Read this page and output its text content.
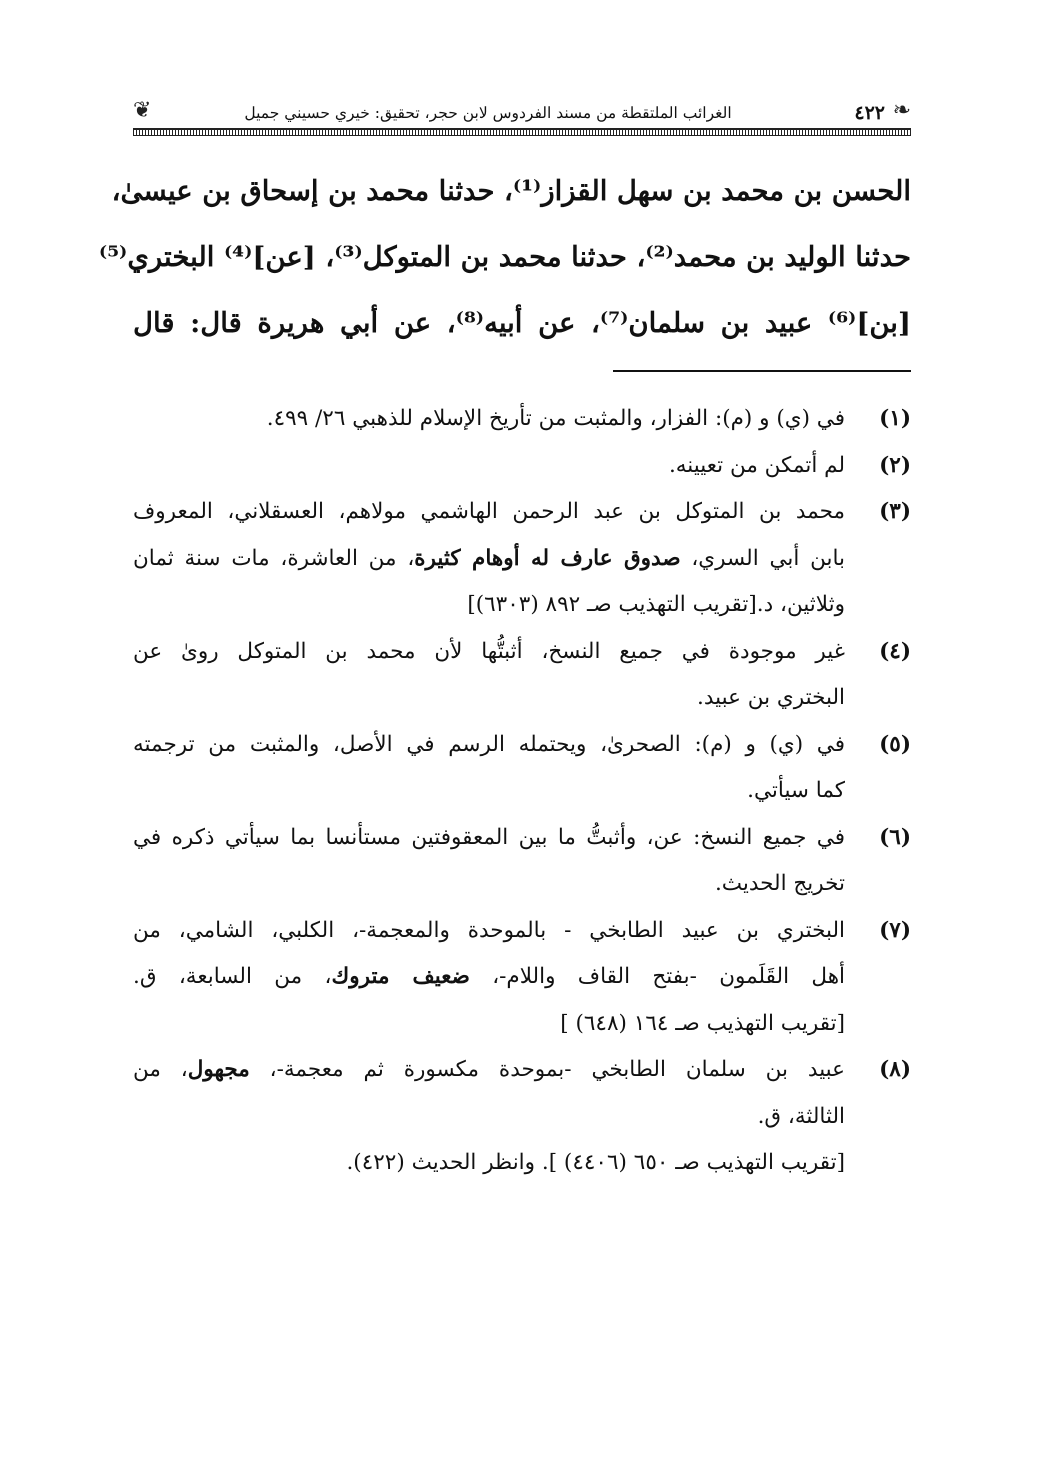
❦	❧
٤٢٢
الغرائب الملتقطة من مسند الفردوس لابن حجر، تحقيق: خيري حسيني جميل
الحسن بن محمد بن سهل القزاز⁽¹⁾، حدثنا محمد بن إسحاق بن عيسىٰ،
حدثنا الوليد بن محمد⁽²⁾، حدثنا محمد بن المتوكل⁽³⁾، [عن]⁽⁴⁾ البختري⁽⁵⁾
[بن]⁽⁶⁾ عبيد بن سلمان⁽⁷⁾، عن أبيه⁽⁸⁾، عن أبي هريرة قال: قال
(١)
في (ي) و (م): الفزار، والمثبت من تأريخ الإسلام للذهبي ٢٦/ ٤٩٩.
(٢)
لم أتمكن من تعيينه.
(٣)
محمد بن المتوكل بن عبد الرحمن الهاشمي مولاهم، العسقلاني، المعروف
بابن أبي السري، صدوق عارف له أوهام كثيرة، من العاشرة، مات سنة ثمان
وثلاثين، د.[تقريب التهذيب صـ ٨٩٢ (٦٣٠٣)]
(٤)
غير موجودة في جميع النسخ، أثبتُّها لأن محمد بن المتوكل روىٰ عن
البختري بن عبيد.
(٥)
في (ي) و (م): الصحرىٰ، ويحتمله الرسم في الأصل، والمثبت من ترجمته
كما سيأتي.
(٦)
في جميع النسخ: عن، وأثبتُّ ما بين المعقوفتين مستأنسا بما سيأتي ذكره في
تخريج الحديث.
(٧)
البختري بن عبيد الطابخي - بالموحدة والمعجمة-، الكلبي، الشامي، من
أهل القَلَمون -بفتح القاف واللام-، ضعيف متروك، من السابعة، ق.
[تقريب التهذيب صـ ١٦٤ (٦٤٨) ]
(٨)
عبيد بن سلمان الطابخي -بموحدة مكسورة ثم معجمة-، مجهول، من
الثالثة، ق.
[تقريب التهذيب صـ ٦٥٠ (٤٤٠٦) ]. وانظر الحديث (٤٢٢).
